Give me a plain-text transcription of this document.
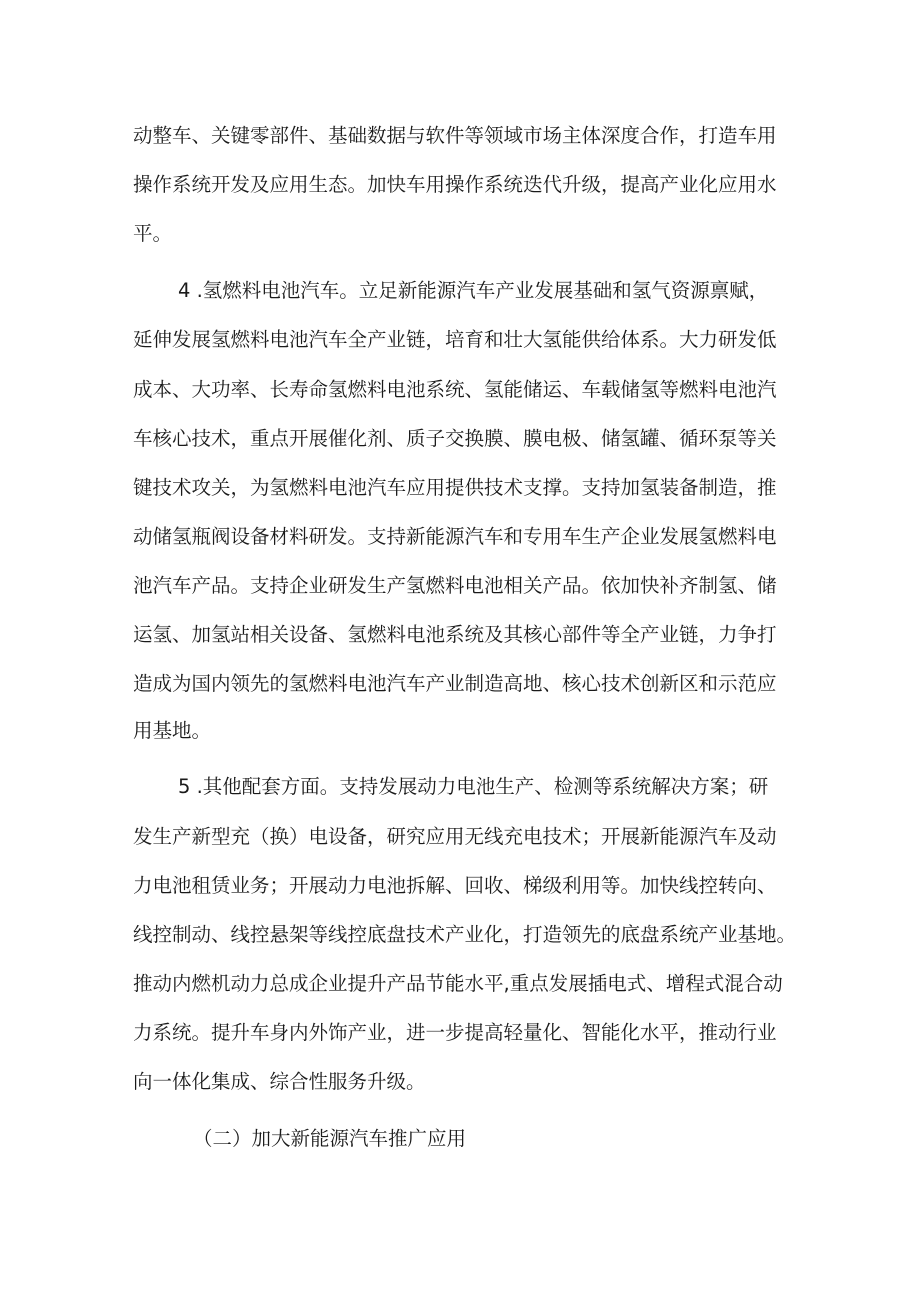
动整车、关键零部件、基础数据与软件等领域市场主体深度合作，打造车用
操作系统开发及应用生态。加快车用操作系统迭代升级，提高产业化应用水
平。
4 .氢燃料电池汽车。立足新能源汽车产业发展基础和氢气资源禀赋，
延伸发展氢燃料电池汽车全产业链，培育和壮大氢能供给体系。大力研发低
成本、大功率、长寿命氢燃料电池系统、氢能储运、车载储氢等燃料电池汽
车核心技术，重点开展催化剂、质子交换膜、膜电极、储氢罐、循环泵等关
键技术攻关，为氢燃料电池汽车应用提供技术支撑。支持加氢装备制造，推
动储氢瓶阀设备材料研发。支持新能源汽车和专用车生产企业发展氢燃料电
池汽车产品。支持企业研发生产氢燃料电池相关产品。依加快补齐制氢、储
运氢、加氢站相关设备、氢燃料电池系统及其核心部件等全产业链，力争打
造成为国内领先的氢燃料电池汽车产业制造高地、核心技术创新区和示范应
用基地。
5 .其他配套方面。支持发展动力电池生产、检测等系统解决方案；研
发生产新型充（换）电设备，研究应用无线充电技术；开展新能源汽车及动
力电池租赁业务；开展动力电池拆解、回收、梯级利用等。加快线控转向、
线控制动、线控悬架等线控底盘技术产业化，打造领先的底盘系统产业基地。
推动内燃机动力总成企业提升产品节能水平,重点发展插电式、增程式混合动
力系统。提升车身内外饰产业，进一步提高轻量化、智能化水平，推动行业
向一体化集成、综合性服务升级。
（二）加大新能源汽车推广应用
